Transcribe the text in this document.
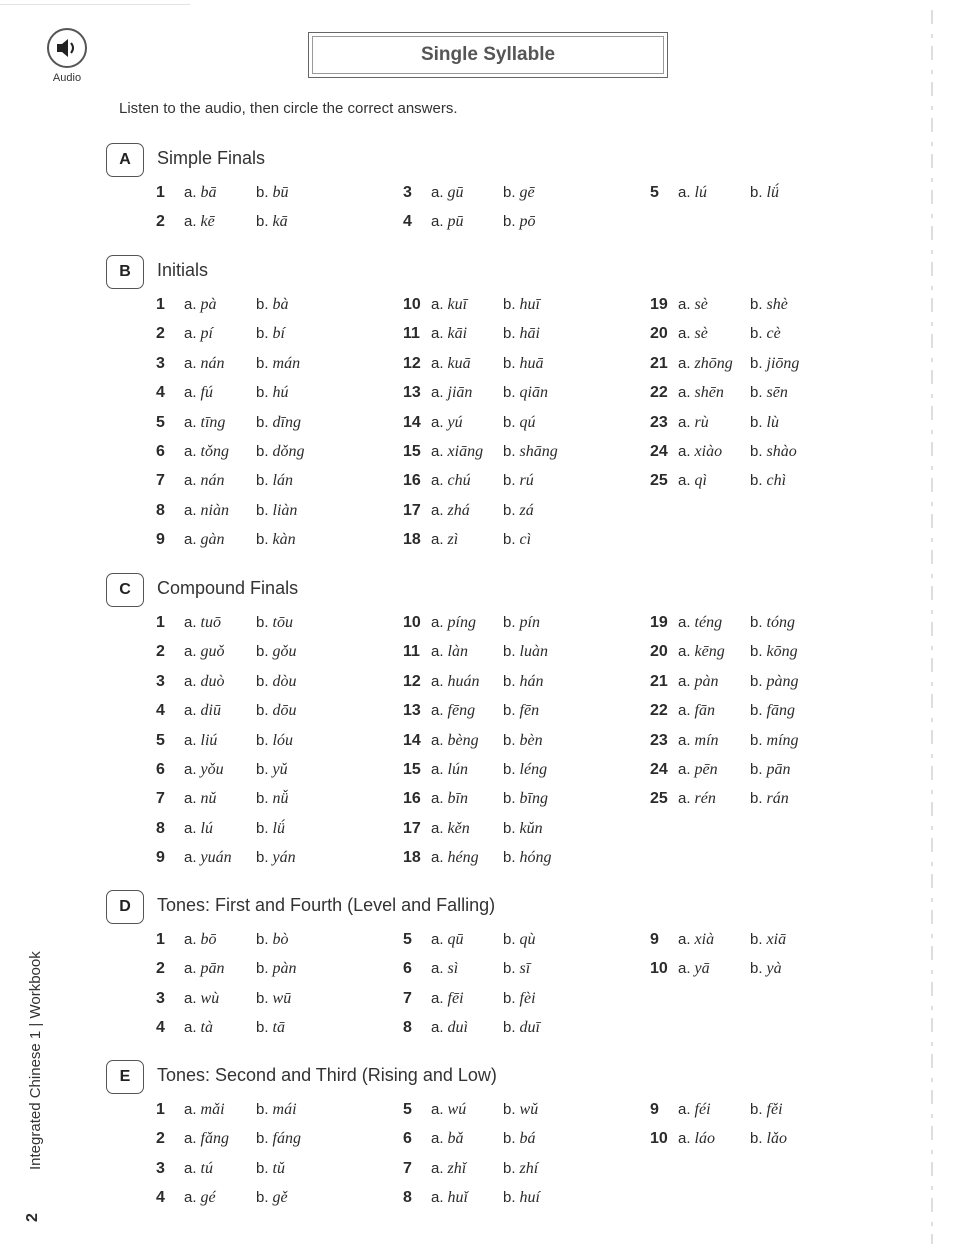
Audio
Single Syllable
Listen to the audio, then circle the correct answers.
A	Simple Finals
1 a. bā	b. bū
2 a. kē	b. kā
3 a. gū	b. gē
4 a. pū	b. pō
5 a. lú	b. lǘ
B	Initials
1 a. pà	b. bà
2 a. pí	b. bí
3 a. nán b. mán
4 a. fú	b. hú
5 a. tīng b. dīng
6 a. tǒng b. dǒng
7 a. nán b. lán
8 a. niàn b. liàn
9 a. gàn b. kàn
10 a. kuī b. huī
11 a. kāi b. hāi
12 a. kuā b. huā
13 a. jiān b. qiān
14 a. yú	b. qú
15 a. xiāng b. shāng
16 a. chú b. rú
17 a. zhá b. zá
18 a. zì	b. cì
19 a. sè	b. shè
20 a. sè	b. cè
21 a. zhōng b. jiōng
22 a. shēn b. sēn
23 a. rù	b. lù
24 a. xiào b. shào
25 a. qì	b. chì
C	Compound Finals
1 a. tuō b. tōu
2 a. guǒ b. gǒu
3 a. duò b. dòu
4 a. diū b. dōu
5 a. liú	b. lóu
6 a. yǒu b. yǔ
7 a. nǔ	b. nǚ
8 a. lú	b. lǘ
9 a. yuán b. yán
10 a. píng b. pín
11 a. làn b. luàn
12 a. huán b. hán
13 a. fēng b. fēn
14 a. bèng b. bèn
15 a. lún b. léng
16 a. bīn b. bīng
17 a. kěn b. kǔn
18 a. héng b. hóng
19 a. téng b. tóng
20 a. kēng b. kōng
21 a. pàn b. pàng
22 a. fān b. fāng
23 a. mín b. míng
24 a. pēn b. pān
25 a. rén b. rán
D	Tones: First and Fourth (Level and Falling)
1 a. bō	b. bò
2 a. pān b. pàn
3 a. wù b. wū
4 a. tà	b. tā
5 a. qū	b. qù
6 a. sì	b. sī
7 a. fēi	b. fèi
8 a. duì b. duī
9 a. xià b. xiā
10 a. yā	b. yà
E	Tones: Second and Third (Rising and Low)
1 a. mǎi b. mái
2 a. fǎng b. fáng
3 a. tú	b. tǔ
4 a. gé	b. gě
5 a. wú b. wǔ
6 a. bǎ	b. bá
7 a. zhǐ b. zhí
8 a. huǐ b. huí
9 a. féi	b. fěi
10 a. láo b. lǎo
Integrated Chinese 1 | Workbook
2
